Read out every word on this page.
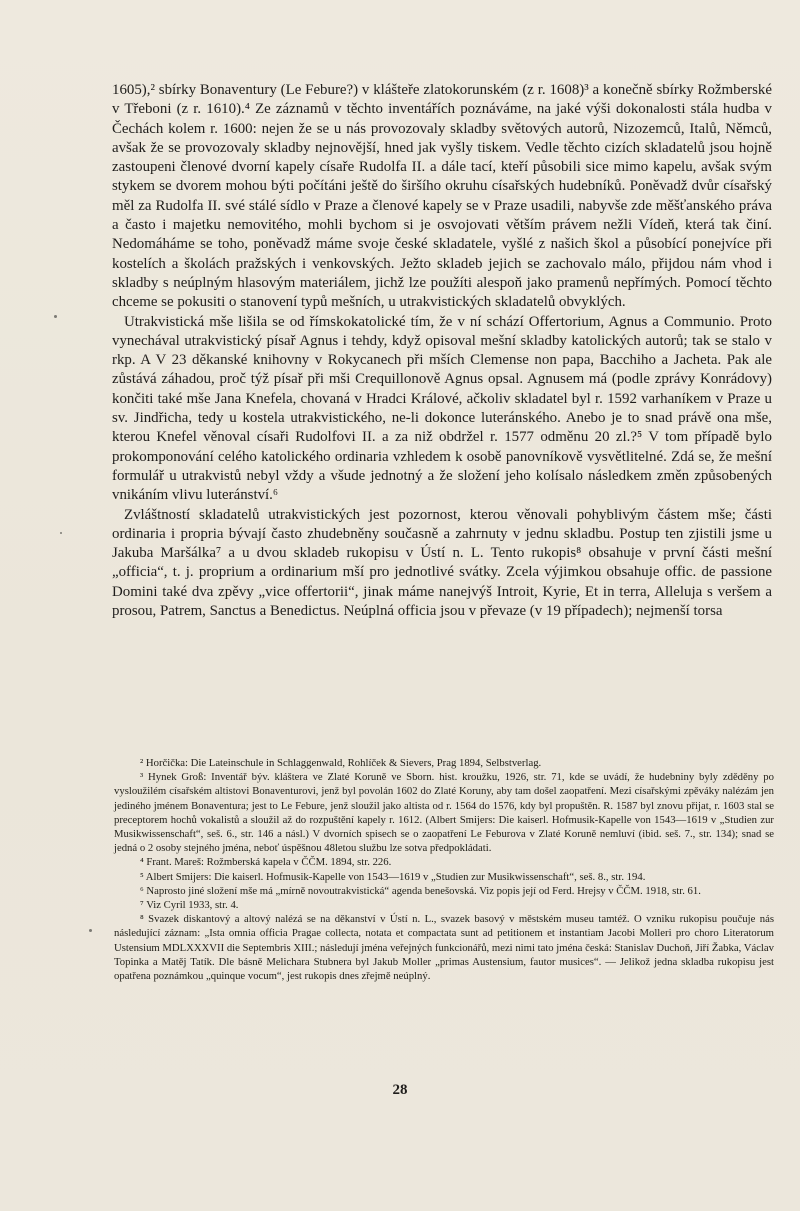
1605),² sbírky Bonaventury (Le Febure?) v klášteře zlatokorunském (z r. 1608)³ a konečně sbírky Rožmberské v Třeboni (z r. 1610).⁴ Ze záznamů v těchto inventářích poznáváme, na jaké výši dokonalosti stála hudba v Čechách kolem r. 1600: nejen že se u nás provozovaly skladby světových autorů, Nizozemců, Italů, Němců, avšak že se provozovaly skladby nejnovější, hned jak vyšly tiskem. Vedle těchto cizích skladatelů jsou hojně zastoupeni členové dvorní kapely císaře Rudolfa II. a dále tací, kteří působili sice mimo kapelu, avšak svým stykem se dvorem mohou býti počítáni ještě do širšího okruhu císařských hudebníků. Poněvadž dvůr císařský měl za Rudolfa II. své stálé sídlo v Praze a členové kapely se v Praze usadili, nabyvše zde měšťanského práva a často i majetku nemovitého, mohli bychom si je osvojovati větším právem nežli Vídeň, která tak činí. Nedomáháme se toho, poněvadž máme svoje české skladatele, vyšlé z našich škol a působící ponejvíce při kostelích a školách pražských i venkovských. Ježto skladeb jejich se zachovalo málo, přijdou nám vhod i skladby s neúplným hlasovým materiálem, jichž lze použíti alespoň jako pramenů nepřímých. Pomocí těchto chceme se pokusiti o stanovení typů mešních, u utrakvistických skladatelů obvyklých.

Utrakvistická mše lišila se od římskokatolické tím, že v ní schází Offertorium, Agnus a Communio. Proto vynechával utrakvistický písař Agnus i tehdy, když opisoval mešní skladby katolických autorů; tak se stalo v rkp. A V 23 děkanské knihovny v Rokycanech při mších Clemense non papa, Bacchiho a Jacheta. Pak ale zůstává záhadou, proč týž písař při mši Crequillonově Agnus opsal. Agnusem má (podle zprávy Konrádovy) končiti také mše Jana Knefela, chovaná v Hradci Králové, ačkoliv skladatel byl r. 1592 varhaníkem v Praze u sv. Jindřicha, tedy u kostela utrakvistického, ne-li dokonce luteránského. Anebo je to snad právě ona mše, kterou Knefel věnoval císaři Rudolfovi II. a za niž obdržel r. 1577 odměnu 20 zl.?⁵ V tom případě bylo prokomponování celého katolického ordinaria vzhledem k osobě panovníkově vysvětlitelné. Zdá se, že mešní formulář u utrakvistů nebyl vždy a všude jednotný a že složení jeho kolísalo následkem změn způsobených vnikáním vlivu luteránství.⁶

Zvláštností skladatelů utrakvistických jest pozornost, kterou věnovali pohyblivým částem mše; části ordinaria i propria bývají často zhudebněny současně a zahrnuty v jednu skladbu. Postup ten zjistili jsme u Jakuba Maršálka⁷ a u dvou skladeb rukopisu v Ústí n. L. Tento rukopis⁸ obsahuje v první části mešní „officia“, t. j. proprium a ordinarium mší pro jednotlivé svátky. Zcela výjimkou obsahuje offic. de passione Domini také dva zpěvy „vice offertorii“, jinak máme nanejvýš Introit, Kyrie, Et in terra, Alleluja s veršem a prosou, Patrem, Sanctus a Benedictus. Neúplná officia jsou v převaze (v 19 případech); nejmenší torsa

² Horčička: Die Lateinschule in Schlaggenwald, Rohlíček & Sievers, Prag 1894, Selbstverlag.

³ Hynek Groß: Inventář býv. kláštera ve Zlaté Koruně ve Sborn. hist. kroužku, 1926, str. 71, kde se uvádí, že hudebniny byly zděděny po vysloužilém císařském altistovi Bonaventurovi, jenž byl povolán 1602 do Zlaté Koruny, aby tam došel zaopatření. Mezi císařskými zpěváky nalézám jen jediného jménem Bonaventura; jest to Le Febure, jenž sloužil jako altista od r. 1564 do 1576, kdy byl propuštěn. R. 1587 byl znovu přijat, r. 1603 stal se preceptorem hochů vokalistů a sloužil až do rozpuštění kapely r. 1612. (Albert Smijers: Die kaiserl. Hofmusik-Kapelle von 1543—1619 v „Studien zur Musikwissenschaft“, seš. 6., str. 146 a násl.) V dvorních spisech se o zaopatření Le Feburova v Zlaté Koruně nemluví (ibid. seš. 7., str. 134); snad se jedná o 2 osoby stejného jména, neboť úspěšnou 48letou službu lze sotva předpokládati.

⁴ Frant. Mareš: Rožmberská kapela v ČČM. 1894, str. 226.

⁵ Albert Smijers: Die kaiserl. Hofmusik-Kapelle von 1543—1619 v „Studien zur Musikwissenschaft“, seš. 8., str. 194.

⁶ Naprosto jiné složení mše má „mírně novoutrakvistická“ agenda benešovská. Viz popis její od Ferd. Hrejsy v ČČM. 1918, str. 61.

⁷ Viz Cyril 1933, str. 4.

⁸ Svazek diskantový a altový nalézá se na děkanství v Ústí n. L., svazek basový v městském museu tamtéž. O vzniku rukopisu poučuje nás následující záznam: „Ista omnia officia Pragae collecta, notata et compactata sunt ad petitionem et instantiam Jacobi Molleri pro choro Literatorum Ustensium MDLXXXVII die Septembris XIII.; následují jména veřejných funkcionářů, mezi nimi tato jména česká: Stanislav Duchoň, Jiří Žabka, Václav Topinka a Matěj Tatík. Dle básně Melichara Stubnera byl Jakub Moller „primas Austensium, fautor musices“. — Jelikož jedna skladba rukopisu jest opatřena poznámkou „quinque vocum“, jest rukopis dnes zřejmě neúplný.

28
